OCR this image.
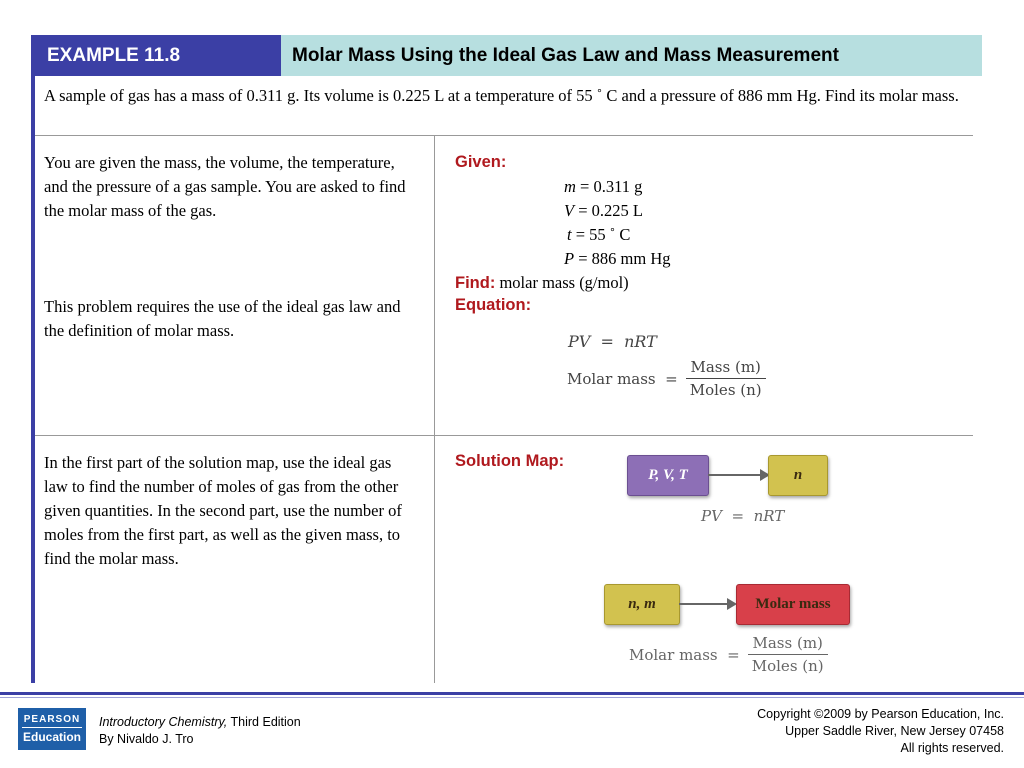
EXAMPLE 11.8	Molar Mass Using the Ideal Gas Law and Mass Measurement
A sample of gas has a mass of 0.311 g. Its volume is 0.225 L at a temperature of 55 ˚ C and a pressure of 886 mm Hg. Find its molar mass.
You are given the mass, the volume, the temperature, and the pressure of a gas sample. You are asked to find the molar mass of the gas.
This problem requires the use of the ideal gas law and the definition of molar mass.
Given:
m = 0.311 g
V = 0.225 L
t = 55 ˚ C
P = 886 mm Hg
Find: molar mass (g/mol)
Equation:
PV  =  nRT
Molar mass  =
Mass (m)
Moles (n)
In the first part of the solution map, use the ideal gas law to find the number of moles of gas from the other given quantities. In the second part, use the number of moles from the first part, as well as the given mass, to find the molar mass.
Solution Map:
P, V, T	n
PV  =  nRT
n, m	Molar mass
Molar mass  =
Mass (m)
Moles (n)
PEARSON
Education
Introductory Chemistry, Third Edition
By Nivaldo J. Tro
Copyright ©2009 by Pearson Education, Inc.
Upper Saddle River, New Jersey 07458
All rights reserved.
